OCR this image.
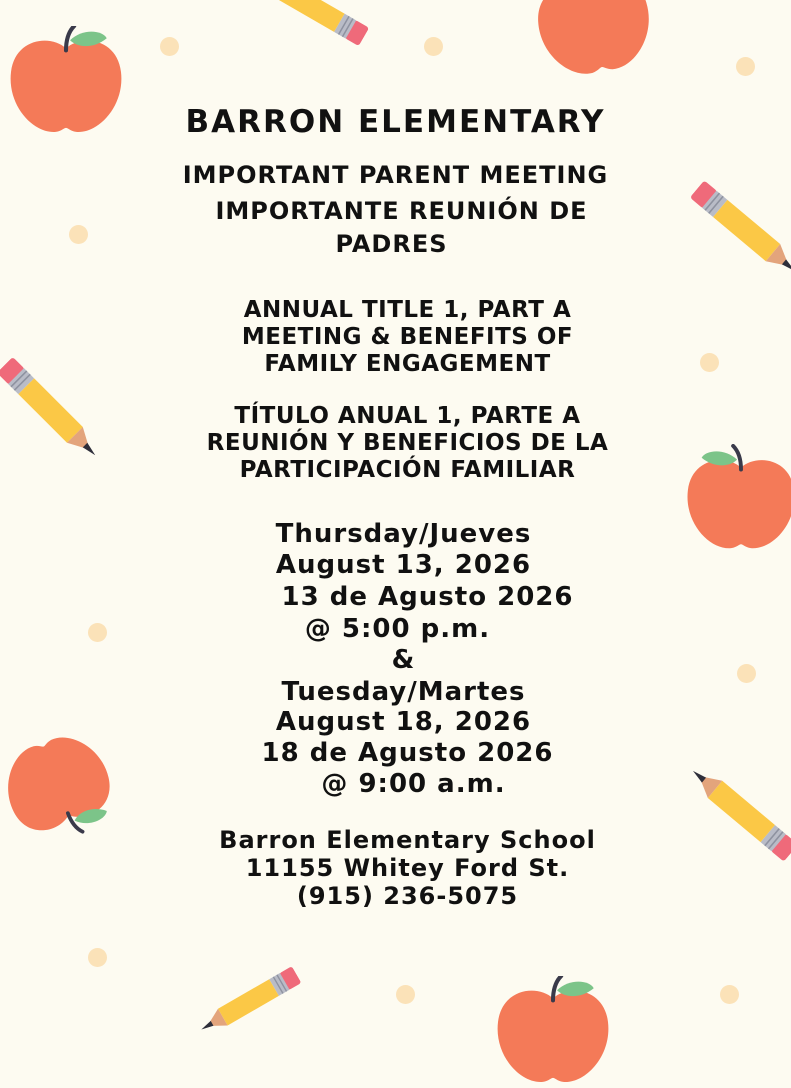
BARRON ELEMENTARY
IMPORTANT PARENT MEETING
IMPORTANTE REUNIÓN DE
PADRES
ANNUAL TITLE 1, PART A
MEETING & BENEFITS OF
FAMILY ENGAGEMENT
TÍTULO ANUAL 1, PARTE A
REUNIÓN Y BENEFICIOS DE LA
PARTICIPACIÓN FAMILIAR
Thursday/Jueves
August 13, 2026
13 de Agusto 2026
@ 5:00 p.m.
&
Tuesday/Martes
August 18, 2026
18 de Agusto 2026
@ 9:00 a.m.
Barron Elementary School
11155 Whitey Ford St.
(915) 236-5075
